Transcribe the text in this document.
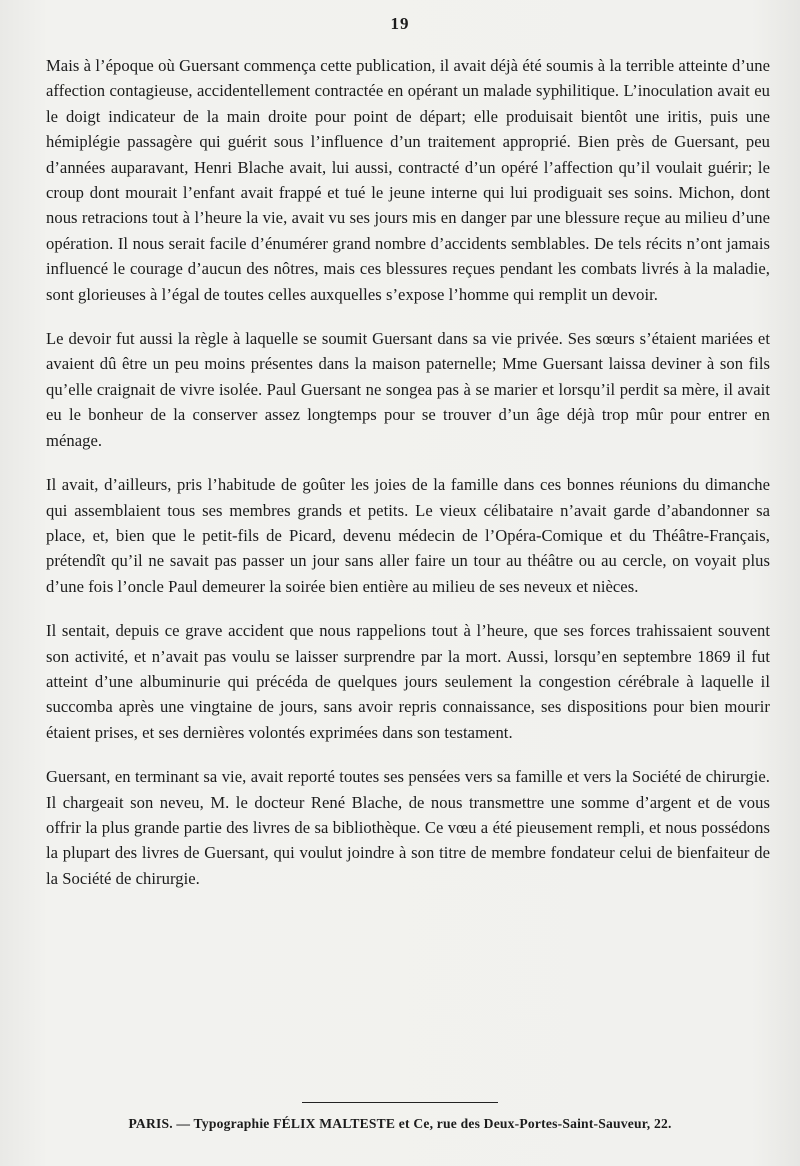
19

Mais à l’époque où Guersant commença cette publication, il avait déjà été soumis à la terrible atteinte d’une affection contagieuse, accidentellement contractée en opérant un malade syphilitique. L’inoculation avait eu le doigt indicateur de la main droite pour point de départ; elle produisait bientôt une iritis, puis une hémiplégie passagère qui guérit sous l’influence d’un traitement approprié. Bien près de Guersant, peu d’années auparavant, Henri Blache avait, lui aussi, contracté d’un opéré l’affection qu’il voulait guérir; le croup dont mourait l’enfant avait frappé et tué le jeune interne qui lui prodiguait ses soins. Michon, dont nous retracions tout à l’heure la vie, avait vu ses jours mis en danger par une blessure reçue au milieu d’une opération. Il nous serait facile d’énumérer grand nombre d’accidents semblables. De tels récits n’ont jamais influencé le courage d’aucun des nôtres, mais ces blessures reçues pendant les combats livrés à la maladie, sont glorieuses à l’égal de toutes celles auxquelles s’expose l’homme qui remplit un devoir.

Le devoir fut aussi la règle à laquelle se soumit Guersant dans sa vie privée. Ses sœurs s’étaient mariées et avaient dû être un peu moins présentes dans la maison paternelle; Mme Guersant laissa deviner à son fils qu’elle craignait de vivre isolée. Paul Guersant ne songea pas à se marier et lorsqu’il perdit sa mère, il avait eu le bonheur de la conserver assez longtemps pour se trouver d’un âge déjà trop mûr pour entrer en ménage.

Il avait, d’ailleurs, pris l’habitude de goûter les joies de la famille dans ces bonnes réunions du dimanche qui assemblaient tous ses membres grands et petits. Le vieux célibataire n’avait garde d’abandonner sa place, et, bien que le petit-fils de Picard, devenu médecin de l’Opéra-Comique et du Théâtre-Français, prétendît qu’il ne savait pas passer un jour sans aller faire un tour au théâtre ou au cercle, on voyait plus d’une fois l’oncle Paul demeurer la soirée bien entière au milieu de ses neveux et nièces.

Il sentait, depuis ce grave accident que nous rappelions tout à l’heure, que ses forces trahissaient souvent son activité, et n’avait pas voulu se laisser surprendre par la mort. Aussi, lorsqu’en septembre 1869 il fut atteint d’une albuminurie qui précéda de quelques jours seulement la congestion cérébrale à laquelle il succomba après une vingtaine de jours, sans avoir repris connaissance, ses dispositions pour bien mourir étaient prises, et ses dernières volontés exprimées dans son testament.

Guersant, en terminant sa vie, avait reporté toutes ses pensées vers sa famille et vers la Société de chirurgie. Il chargeait son neveu, M. le docteur René Blache, de nous transmettre une somme d’argent et de vous offrir la plus grande partie des livres de sa bibliothèque. Ce vœu a été pieusement rempli, et nous possédons la plupart des livres de Guersant, qui voulut joindre à son titre de membre fondateur celui de bienfaiteur de la Société de chirurgie.

PARIS. — Typographie FÉLIX MALTESTE et Ce, rue des Deux-Portes-Saint-Sauveur, 22.
